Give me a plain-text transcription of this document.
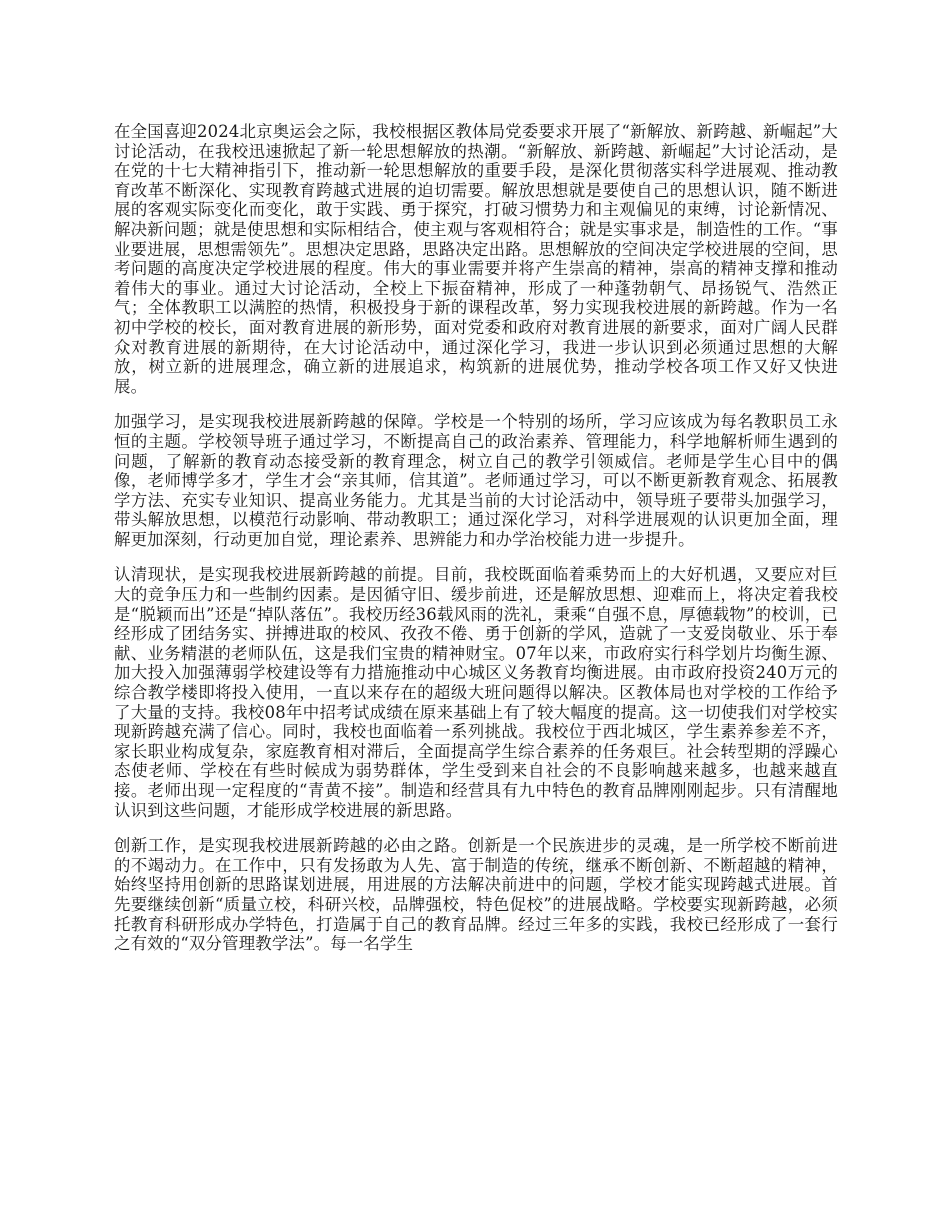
在全国喜迎2024北京奥运会之际，我校根据区教体局党委要求开展了“新解放、新跨越、新崛起”大讨论活动，在我校迅速掀起了新一轮思想解放的热潮。“新解放、新跨越、新崛起”大讨论活动，是在党的十七大精神指引下，推动新一轮思想解放的重要手段，是深化贯彻落实科学进展观、推动教育改革不断深化、实现教育跨越式进展的迫切需要。解放思想就是要使自己的思想认识，随不断进展的客观实际变化而变化，敢于实践、勇于探究，打破习惯势力和主观偏见的束缚，讨论新情况、解决新问题；就是使思想和实际相结合，使主观与客观相符合；就是实事求是，制造性的工作。“事业要进展，思想需领先”。思想决定思路，思路决定出路。思想解放的空间决定学校进展的空间，思考问题的高度决定学校进展的程度。伟大的事业需要并将产生崇高的精神，崇高的精神支撑和推动着伟大的事业。通过大讨论活动，全校上下振奋精神，形成了一种蓬勃朝气、昂扬锐气、浩然正气；全体教职工以满腔的热情，积极投身于新的课程改革，努力实现我校进展的新跨越。作为一名初中学校的校长，面对教育进展的新形势，面对党委和政府对教育进展的新要求，面对广阔人民群众对教育进展的新期待，在大讨论活动中，通过深化学习，我进一步认识到必须通过思想的大解放，树立新的进展理念，确立新的进展追求，构筑新的进展优势，推动学校各项工作又好又快进展。

加强学习，是实现我校进展新跨越的保障。学校是一个特别的场所，学习应该成为每名教职员工永恒的主题。学校领导班子通过学习，不断提高自己的政治素养、管理能力，科学地解析师生遇到的问题，了解新的教育动态接受新的教育理念，树立自己的教学引领威信。老师是学生心目中的偶像，老师博学多才，学生才会“亲其师，信其道”。老师通过学习，可以不断更新教育观念、拓展教学方法、充实专业知识、提高业务能力。尤其是当前的大讨论活动中，领导班子要带头加强学习，带头解放思想，以模范行动影响、带动教职工；通过深化学习，对科学进展观的认识更加全面，理解更加深刻，行动更加自觉，理论素养、思辨能力和办学治校能力进一步提升。

认清现状，是实现我校进展新跨越的前提。目前，我校既面临着乘势而上的大好机遇，又要应对巨大的竞争压力和一些制约因素。是因循守旧、缓步前进，还是解放思想、迎难而上，将决定着我校是“脱颖而出”还是“掉队落伍”。我校历经36载风雨的洗礼，秉乘“自强不息，厚德载物”的校训，已经形成了团结务实、拼搏进取的校风、孜孜不倦、勇于创新的学风，造就了一支爱岗敬业、乐于奉献、业务精湛的老师队伍，这是我们宝贵的精神财宝。07年以来，市政府实行科学划片均衡生源、加大投入加强薄弱学校建设等有力措施推动中心城区义务教育均衡进展。由市政府投资240万元的综合教学楼即将投入使用，一直以来存在的超级大班问题得以解决。区教体局也对学校的工作给予了大量的支持。我校08年中招考试成绩在原来基础上有了较大幅度的提高。这一切使我们对学校实现新跨越充满了信心。同时，我校也面临着一系列挑战。我校位于西北城区，学生素养参差不齐，家长职业构成复杂，家庭教育相对滞后，全面提高学生综合素养的任务艰巨。社会转型期的浮躁心态使老师、学校在有些时候成为弱势群体，学生受到来自社会的不良影响越来越多，也越来越直接。老师出现一定程度的“青黄不接”。制造和经营具有九中特色的教育品牌刚刚起步。只有清醒地认识到这些问题，才能形成学校进展的新思路。

创新工作，是实现我校进展新跨越的必由之路。创新是一个民族进步的灵魂，是一所学校不断前进的不竭动力。在工作中，只有发扬敢为人先、富于制造的传统，继承不断创新、不断超越的精神，始终坚持用创新的思路谋划进展，用进展的方法解决前进中的问题，学校才能实现跨越式进展。首先要继续创新“质量立校，科研兴校，品牌强校，特色促校”的进展战略。学校要实现新跨越，必须托教育科研形成办学特色，打造属于自己的教育品牌。经过三年多的实践，我校已经形成了一套行之有效的“双分管理教学法”。每一名学生
